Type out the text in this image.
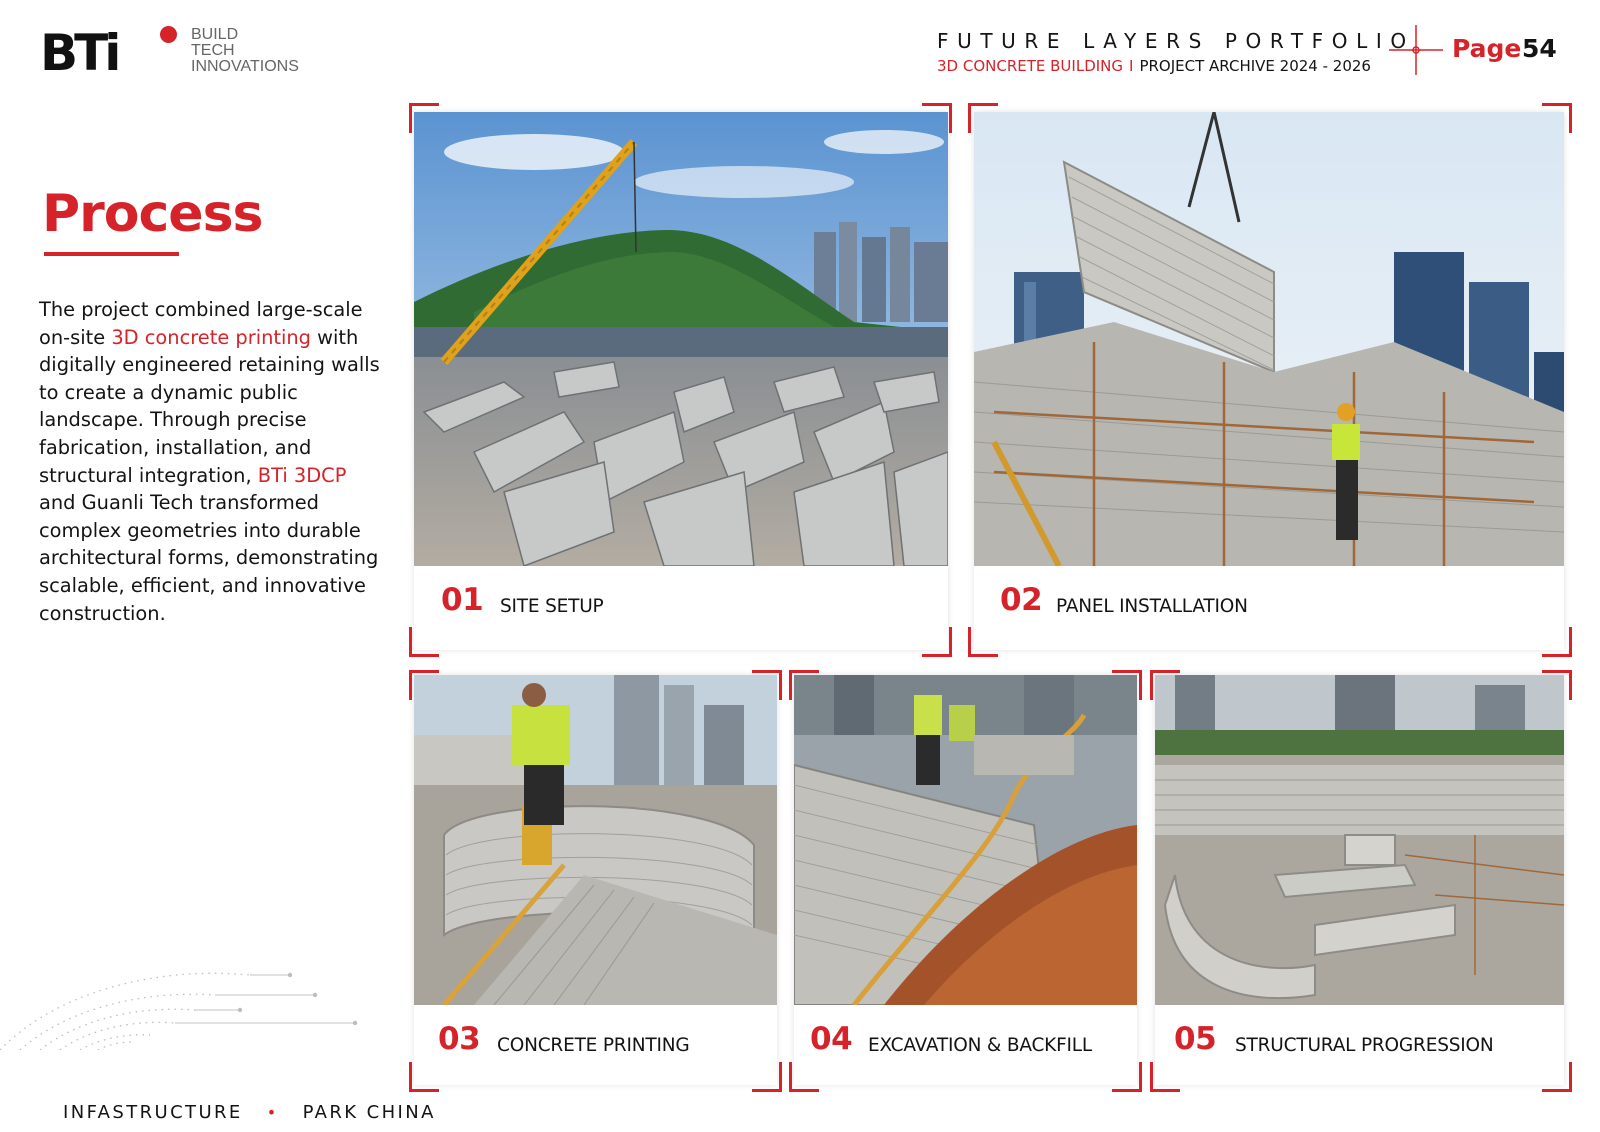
BTi	BUILD
TECH
INNOVATIONS
FUTURE LAYERS PORTFOLIO
3D CONCRETE BUILDING I PROJECT ARCHIVE 2024 - 2026
Page 54
Process

The project combined large-scale

on-site 3D concrete printing with

digitally engineered retaining walls

to create a dynamic public

landscape. Through precise

fabrication, installation, and

structural integration, BTi 3DCP

and Guanli Tech transformed

complex geometries into durable

architectural forms, demonstrating

scalable, efficient, and innovative

construction.

INFASTRUCTURE • PARK CHINA
01 SITE SETUP	02 PANEL INSTALLATION
03 CONCRETE PRINTING	04 EXCAVATION & BACKFILL	05 STRUCTURAL PROGRESSION
